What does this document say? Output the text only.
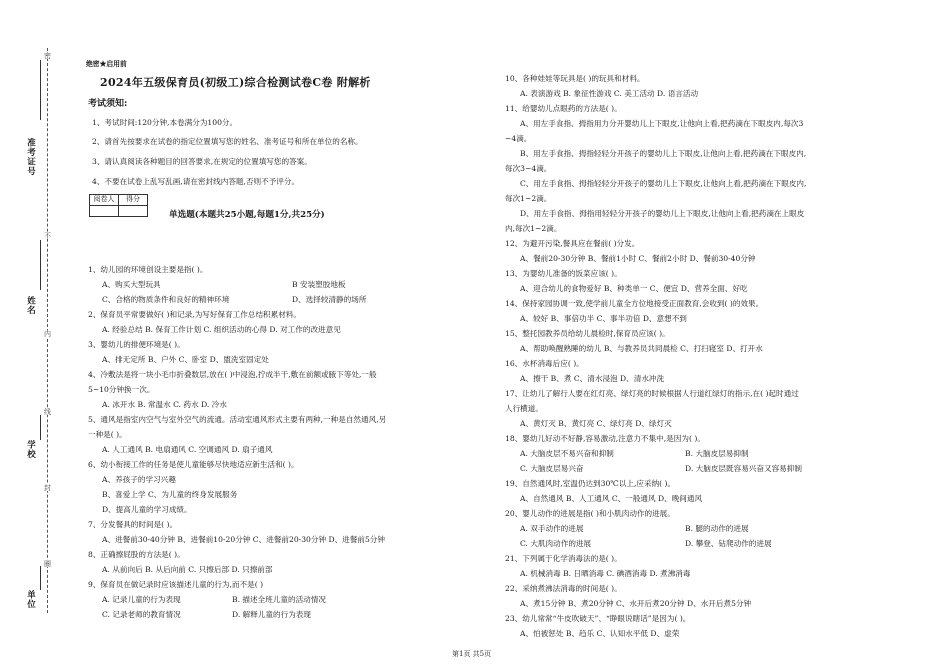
密
准考证号
不
姓名
内
线
学校
封
圈
单位
绝密★启用前
2024年五级保育员(初级工)综合检测试卷C卷 附解析
考试须知:
1、考试时间:120分钟,本卷满分为100分。
2、请首先按要求在试卷的指定位置填写您的姓名、准考证号和所在单位的名称。
3、请认真阅读各种题目的回答要求,在规定的位置填写您的答案。
4、不要在试卷上乱写乱画,请在密封线内答题,否则不予评分。
阅卷人	得分

单选题(本题共25小题,每题1分,共25分)
1、幼儿园的环境创设主要是指( )。
A、购买大型玩具	B 安装塑胶地板
C、合格的物质条件和良好的精神环境	D、选择较清静的场所
2、保育员平常要做好( )和记录,为写好保育工作总结积累材料。
A. 经验总结 B. 保育工作计划 C. 组织活动的心得 D. 对工作的改进意见
3、婴幼儿的排便环境是( )。
A、排无定所 B、户外 C、卧室 D、盥洗室固定处
4、冷敷法是将一块小毛巾折叠数层,放在( )中浸泡,拧成半干,敷在前额或腋下等处,一般
5~10分钟换一次。
A. 冰开水 B. 常温水 C. 药水 D. 冷水
5、通风是指室内空气与室外空气的流通。活动室通风形式主要有两种,一种是自然通风,另
一种是( )。
A. 人工通风 B. 电扇通风 C. 空调通风 D. 扇子通风
6、幼小衔接工作的任务是使儿童能够尽快地适应新生活和( )。
A、养孩子的学习兴趣
B、喜爱上学 C、为儿童的终身发展服务
D、提高儿童的学习成绩。
7、分发餐具的时间是( )。
A、进餐前30-40分钟 B、进餐前10-20分钟 C、进餐前20-30分钟 D、进餐前5分钟
8、正确擦屁股的方法是( )。
A. 从前向后 B. 从后向前 C. 只擦后部 D. 只擦前部
9、保育员在做记录时应该描述儿童的行为,而不是( )
A. 记录儿童的行为表现	B. 描述全班儿童的活动情况
C. 记录老师的教育情况	D. 解释儿童的行为表现
10、各种娃娃等玩具是( )的玩具和材料。
A. 表演游戏 B. 象征性游戏 C. 美工活动 D. 语言活动
11、给婴幼儿点眼药的方法是( )。
A、用左手食指、拇指用力分开婴幼儿上下眼皮,让他向上看,把药滴在下眼皮内,每次3
~4滴。
B、用左手食指、拇指轻轻分开孩子的婴幼儿上下眼皮,让他向上看,把药滴在下眼皮内,
每次3~4滴。
C、用左手食指、拇指轻轻分开孩子的婴幼儿上下眼皮,让他向上看,把药滴在下眼皮内,
每次1~2滴。
D、用左手食指、拇指用轻轻分开孩子的婴幼儿上下眼皮,让他向上看,把药滴在上眼皮
内,每次1~2滴。
12、为避开污染,餐具应在餐前( )分发。
A、餐前20-30分钟 B、餐前1小时 C、餐前2小时 D、餐前30-40分钟
13、为婴幼儿准备的饭菜应该( )。
A、迎合幼儿的食物爱好 B、种类单一 C、便宜 D、营养全面、好吃
14、保持家园协调一致,使学前儿童全方位地接受正面教育,会收到( )的效果。
A、较好 B、事倍功半 C、事半功倍 D、意想不到
15、整托园教养员给幼儿晨检时,保育员应该( )。
A、帮助唤醒熟睡的幼儿 B、与教养员共同晨检 C、打扫寝室 D、打开水
16、水杯消毒后应( )。
A、擦干 B、煮 C、清水浸泡 D、清水冲洗
17、让幼儿了解行人要在红灯亮、绿灯亮的时候根据人行道红绿灯的指示,在( )起时通过
人行横道。
A、黄灯灭 B、黄灯亮 C、绿灯亮 D、绿灯灭
18、婴幼儿好动不好静,容易激动,注意力不集中,是因为( )。
A. 大脑皮层不易兴奋和抑制	B. 大脑皮层易抑制
C. 大脑皮层易兴奋	D. 大脑皮层既容易兴奋又容易抑制
19、自然通风时,室温仍达到30℃以上,应采纳( )。
A、自然通风 B、人工通风 C、一般通风 D、晚间通风
20、婴儿动作的进展是指( )和小肌肉动作的进展。
A. 双手动作的进展	B. 腿的动作的进展
C. 大肌肉动作的进展	D. 攀登、钻爬动作的进展
21、下列属于化学消毒法的是( )。
A. 机械消毒 B. 日晒消毒 C. 碘酒消毒 D. 煮沸消毒
22、采纳煮沸法消毒的时间是( )。
A、煮15分钟 B、煮20分钟 C、水开后煮20分钟 D、水开后煮5分钟
23、幼儿常常“牛皮吹破天”、“睁眼说瞎话”是因为( )。
A、怕被惩处 B、趋乐 C、认知水平低 D、虚荣
第1页 共5页
